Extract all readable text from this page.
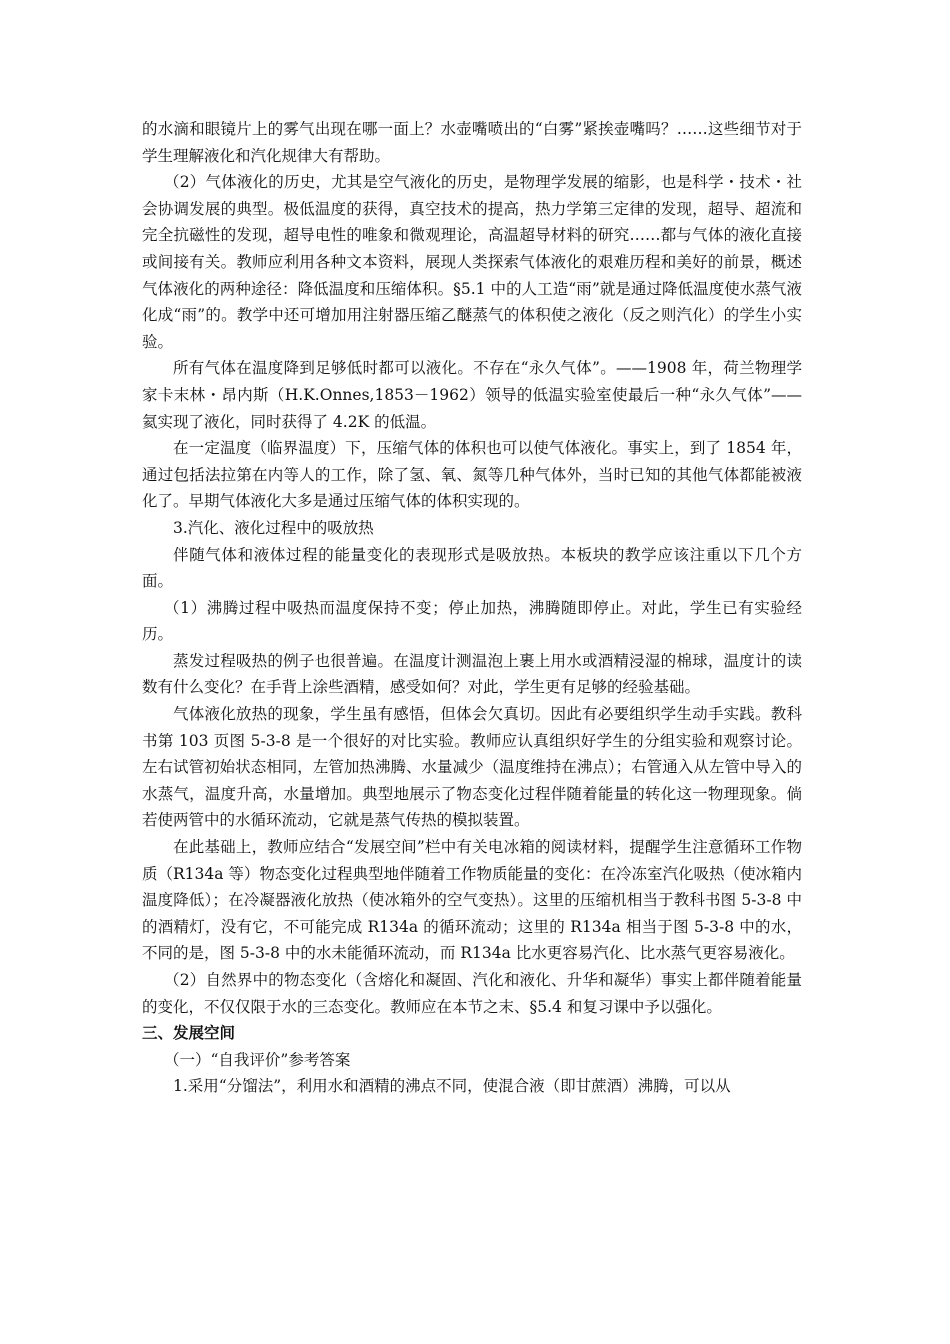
的水滴和眼镜片上的雾气出现在哪一面上？水壶嘴喷出的“白雾”紧挨壶嘴吗？……这些细节对于学生理解液化和汽化规律大有帮助。

（2）气体液化的历史，尤其是空气液化的历史，是物理学发展的缩影，也是科学・技术・社会协调发展的典型。极低温度的获得，真空技术的提高，热力学第三定律的发现，超导、超流和完全抗磁性的发现，超导电性的唯象和微观理论，高温超导材料的研究……都与气体的液化直接或间接有关。教师应利用各种文本资料，展现人类探索气体液化的艰难历程和美好的前景，概述气体液化的两种途径：降低温度和压缩体积。§5.1 中的人工造“雨”就是通过降低温度使水蒸气液化成“雨”的。教学中还可增加用注射器压缩乙醚蒸气的体积使之液化（反之则汽化）的学生小实验。

所有气体在温度降到足够低时都可以液化。不存在“永久气体”。——1908 年，荷兰物理学家卡末林・昂内斯（H.K.Onnes,1853－1962）领导的低温实验室使最后一种“永久气体”——氦实现了液化，同时获得了 4.2K 的低温。

在一定温度（临界温度）下，压缩气体的体积也可以使气体液化。事实上，到了 1854 年，通过包括法拉第在内等人的工作，除了氢、氧、氮等几种气体外，当时已知的其他气体都能被液化了。早期气体液化大多是通过压缩气体的体积实现的。

3.汽化、液化过程中的吸放热

伴随气体和液体过程的能量变化的表现形式是吸放热。本板块的教学应该注重以下几个方面。

（1）沸腾过程中吸热而温度保持不变；停止加热，沸腾随即停止。对此，学生已有实验经历。

蒸发过程吸热的例子也很普遍。在温度计测温泡上裹上用水或酒精浸湿的棉球，温度计的读数有什么变化？在手背上涂些酒精，感受如何？对此，学生更有足够的经验基础。

气体液化放热的现象，学生虽有感悟，但体会欠真切。因此有必要组织学生动手实践。教科书第 103 页图 5-3-8 是一个很好的对比实验。教师应认真组织好学生的分组实验和观察讨论。左右试管初始状态相同，左管加热沸腾、水量减少（温度维持在沸点）；右管通入从左管中导入的水蒸气，温度升高，水量增加。典型地展示了物态变化过程伴随着能量的转化这一物理现象。倘若使两管中的水循环流动，它就是蒸气传热的模拟装置。

在此基础上，教师应结合“发展空间”栏中有关电冰箱的阅读材料，提醒学生注意循环工作物质（R134a 等）物态变化过程典型地伴随着工作物质能量的变化：在冷冻室汽化吸热（使冰箱内温度降低）；在冷凝器液化放热（使冰箱外的空气变热）。这里的压缩机相当于教科书图 5-3-8 中的酒精灯，没有它，不可能完成 R134a 的循环流动；这里的 R134a 相当于图 5-3-8 中的水，不同的是，图 5-3-8 中的水未能循环流动，而 R134a 比水更容易汽化、比水蒸气更容易液化。

（2）自然界中的物态变化（含熔化和凝固、汽化和液化、升华和凝华）事实上都伴随着能量的变化，不仅仅限于水的三态变化。教师应在本节之末、§5.4 和复习课中予以强化。

三、发展空间

（一）“自我评价”参考答案

1.采用“分馏法”，利用水和酒精的沸点不同，使混合液（即甘蔗酒）沸腾，可以从
